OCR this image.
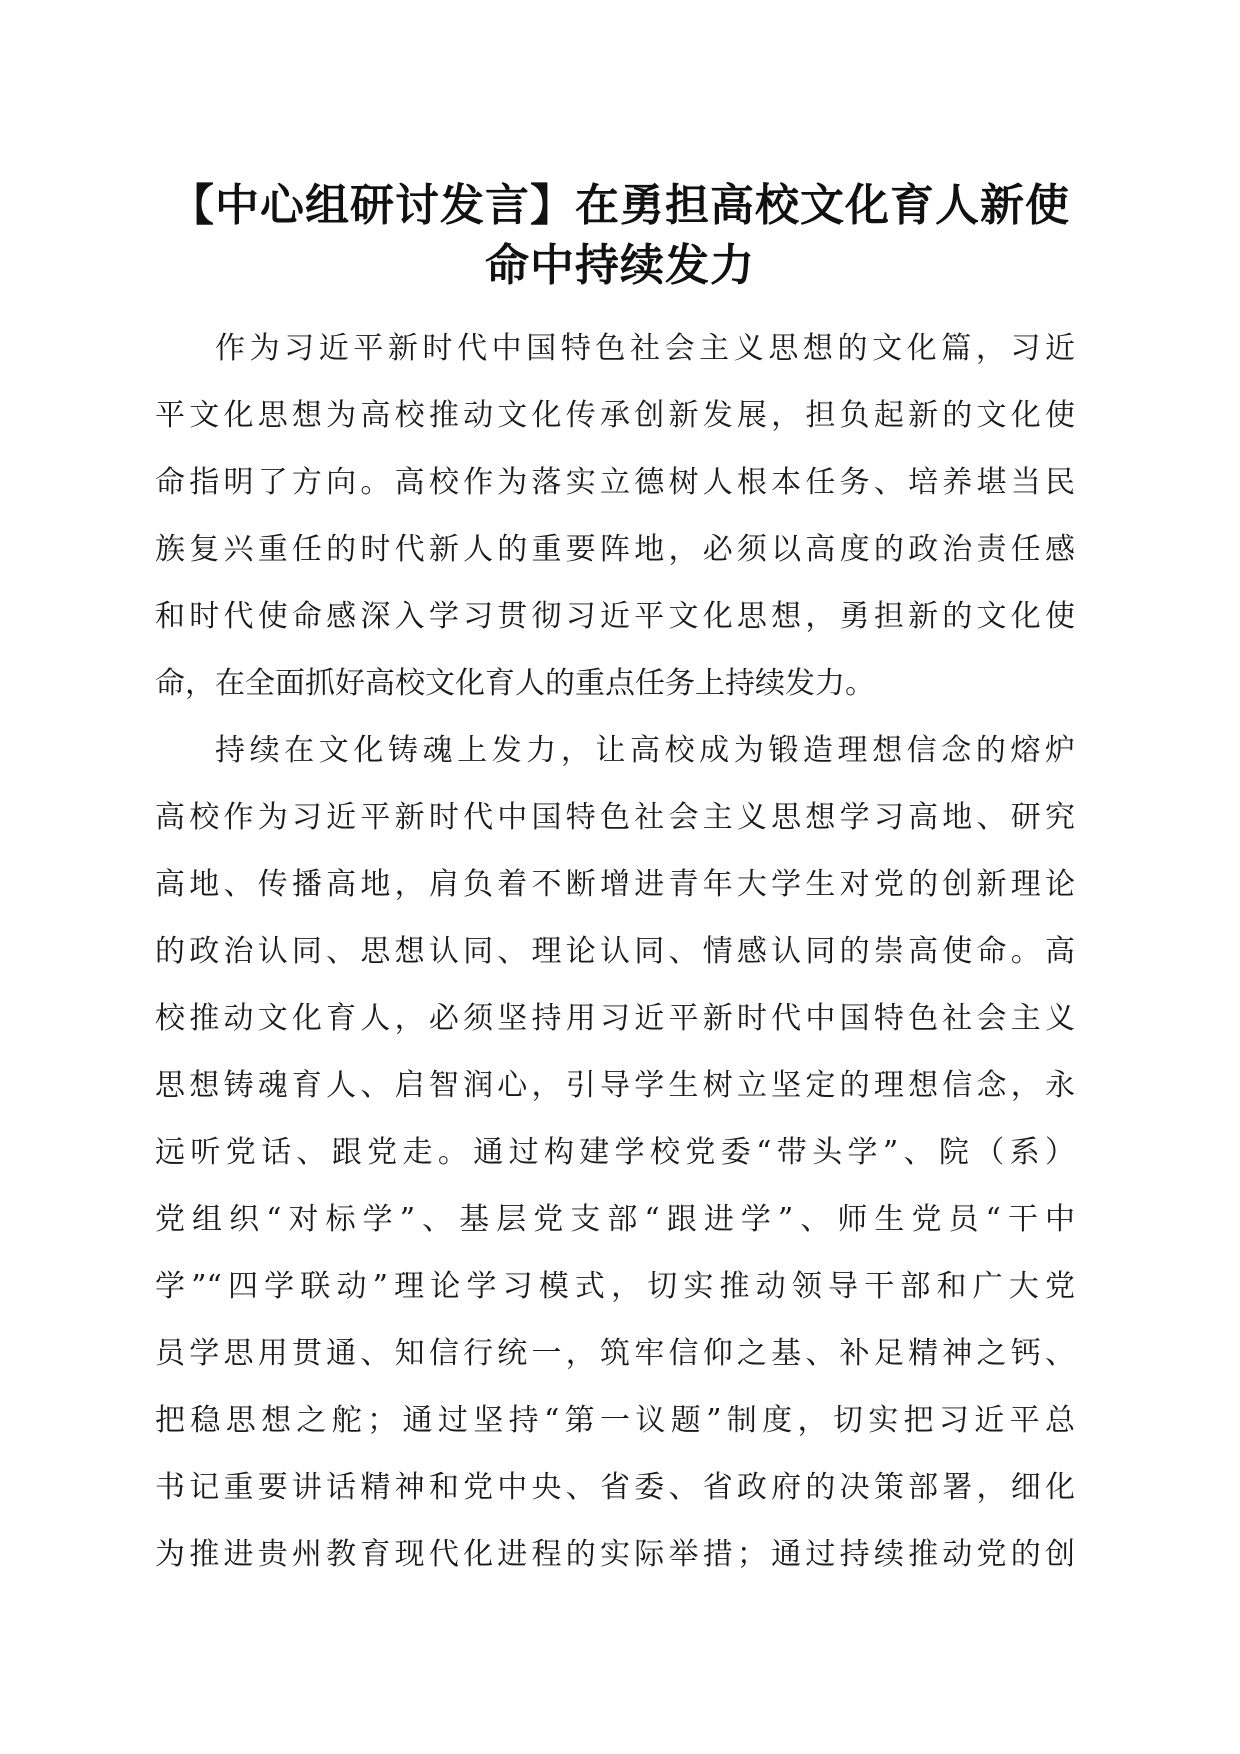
【中心组研讨发言】在勇担高校文化育人新使
命中持续发力
作为习近平新时代中国特色社会主义思想的文化篇，习近
平文化思想为高校推动文化传承创新发展，担负起新的文化使
命指明了方向。高校作为落实立德树人根本任务、培养堪当民
族复兴重任的时代新人的重要阵地，必须以高度的政治责任感
和时代使命感深入学习贯彻习近平文化思想，勇担新的文化使
命，在全面抓好高校文化育人的重点任务上持续发力。
持续在文化铸魂上发力，让高校成为锻造理想信念的熔炉
高校作为习近平新时代中国特色社会主义思想学习高地、研究
高地、传播高地，肩负着不断增进青年大学生对党的创新理论
的政治认同、思想认同、理论认同、情感认同的崇高使命。高
校推动文化育人，必须坚持用习近平新时代中国特色社会主义
思想铸魂育人、启智润心，引导学生树立坚定的理想信念，永
远听党话、跟党走。通过构建学校党委“带头学”、院（系）
党组织“对标学”、基层党支部“跟进学”、师生党员“干中
学”“四学联动”理论学习模式，切实推动领导干部和广大党
员学思用贯通、知信行统一，筑牢信仰之基、补足精神之钙、
把稳思想之舵；通过坚持“第一议题”制度，切实把习近平总
书记重要讲话精神和党中央、省委、省政府的决策部署，细化
为推进贵州教育现代化进程的实际举措；通过持续推动党的创
